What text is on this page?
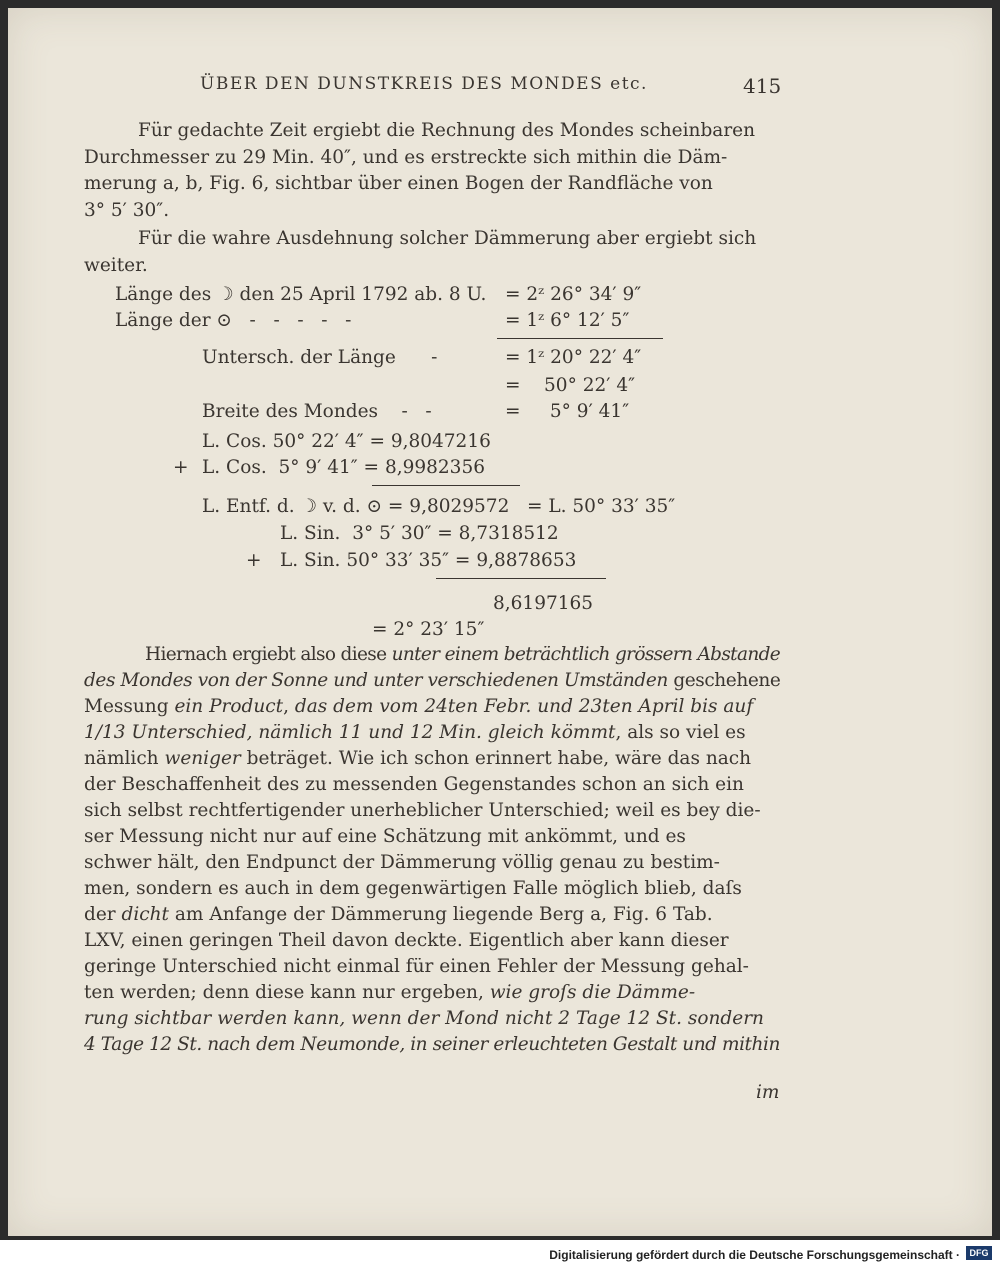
ÜBER DEN DUNSTKREIS DES MONDES etc.	415
Für gedachte Zeit ergiebt die Rechnung des Mondes scheinbaren
Durchmesser zu 29 Min. 40″, und es erstreckte sich mithin die Däm-
merung a, b, Fig. 6, sichtbar über einen Bogen der Randfläche von
3° 5′ 30″.
Für die wahre Ausdehnung solcher Dämmerung aber ergiebt sich
weiter.
Länge des ☽ den 25 April 1792 ab. 8 U. = 2ᶻ 26° 34′ 9″
Länge der ⊙   -   -   -   -   -	= 1ᶻ 6° 12′ 5″
Untersch. der Länge      -	= 1ᶻ 20° 22′ 4″
=    50° 22′ 4″
Breite des Mondes    -   -	=     5° 9′ 41″
L. Cos. 50° 22′ 4″ = 9,8047216
+ L. Cos.  5° 9′ 41″ = 8,9982356
L. Entf. d. ☽ v. d. ⊙ = 9,8029572   = L. 50° 33′ 35″
L. Sin.  3° 5′ 30″ = 8,7318512
+ L. Sin. 50° 33′ 35″ = 9,8878653
8,6197165
= 2° 23′ 15″
Hiernach ergiebt also diese unter einem beträchtlich grössern Abstande
des Mondes von der Sonne und unter verschiedenen Umständen geschehene
Messung ein Product, das dem vom 24ten Febr. und 23ten April bis auf
1/13 Unterschied, nämlich 11 und 12 Min. gleich kömmt, als so viel es
nämlich weniger beträget. Wie ich schon erinnert habe, wäre das nach
der Beschaffenheit des zu messenden Gegenstandes schon an sich ein
sich selbst rechtfertigender unerheblicher Unterschied; weil es bey die-
ser Messung nicht nur auf eine Schätzung mit ankömmt, und es
schwer hält, den Endpunct der Dämmerung völlig genau zu bestim-
men, sondern es auch in dem gegenwärtigen Falle möglich blieb, daſs
der dicht am Anfange der Dämmerung liegende Berg a, Fig. 6 Tab.
LXV, einen geringen Theil davon deckte. Eigentlich aber kann dieser
geringe Unterschied nicht einmal für einen Fehler der Messung gehal-
ten werden; denn diese kann nur ergeben, wie groſs die Dämme-
rung sichtbar werden kann, wenn der Mond nicht 2 Tage 12 St. sondern
4 Tage 12 St. nach dem Neumonde, in seiner erleuchteten Gestalt und mithin
im
Digitalisierung gefördert durch die Deutsche Forschungsgemeinschaft ·	DFG
